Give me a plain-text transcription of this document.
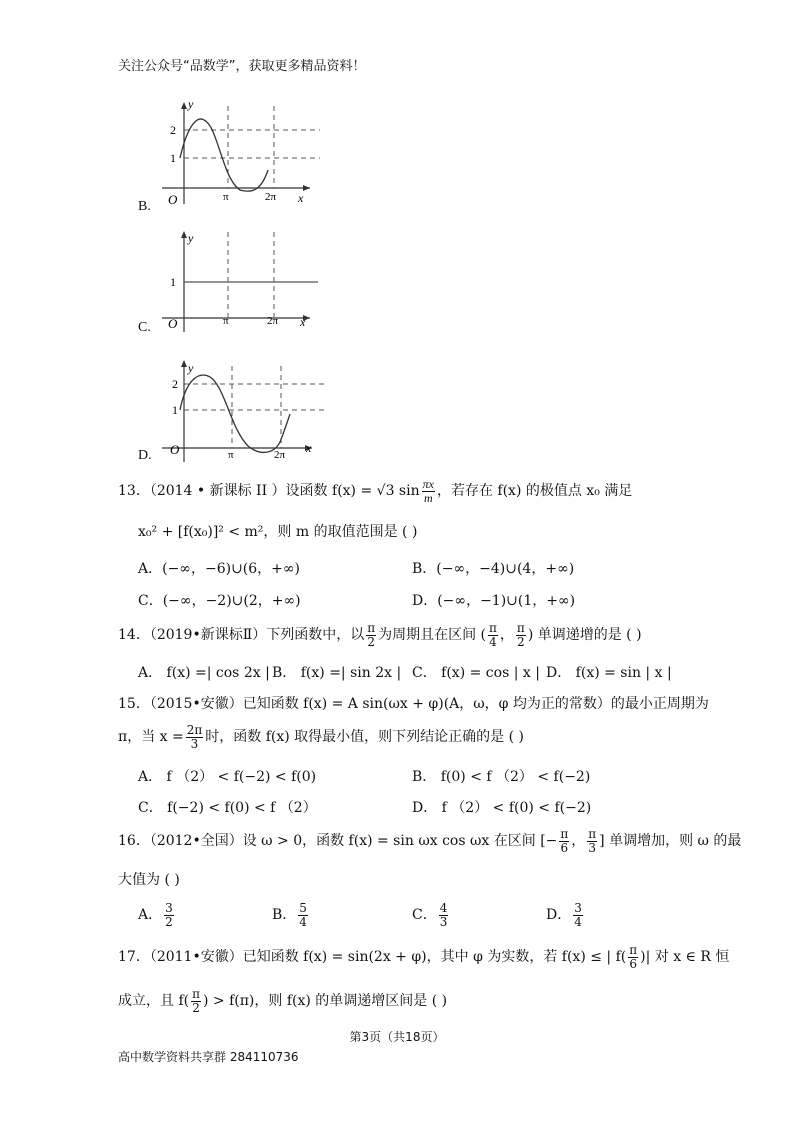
关注公众号“品数学”，获取更多精品资料！
y
2
1
O	π	2π x
B.
y
1
O	π	2π x
C.
y
2
1
O	π	2π x
D.
13．（2014 • 新课标 II ）设函数 f(x) = √3 $\sin \frac{\pi x}{m}$ ，若存在 f(x) 的极值点 x₀ 满足
x₀² + [f(x₀)]² < m²，则 m 的取值范围是 ( )
A．(−∞，−6)∪(6，+∞)	B．(−∞，−4)∪(4，+∞)
C．(−∞，−2)∪(2，+∞)	D．(−∞，−1)∪(1，+∞)
14．（2019•新课标Ⅱ）下列函数中，以 $\frac{\pi}{2}$ 为周期且在区间 ( $\frac{\pi}{4}$ ， $\frac{\pi}{2}$ ) 单调递增的是 ( )
A． f(x) =| cos 2x | B． f(x) =| sin 2x | C． f(x) = cos | x | D． f(x) = sin | x |
15．（2015•安徽）已知函数 f(x) = A sin(ωx + φ)(A，ω，φ 均为正的常数）的最小正周期为
π，当 $x = \frac{2\pi}{3}$ 时，函数 f(x) 取得最小值，则下列结论正确的是 ( )
A． f （2） < f(−2) < f(0)	B． f(0) < f （2） < f(−2)
C． f(−2) < f(0) < f （2）	D． f （2） < f(0) < f(−2)
16．（2012•全国）设 ω > 0，函数 f(x) = sin ωx cos ωx 在区间 [− $\frac{\pi}{6}$ ， $\frac{\pi}{3}$ ] 单调增加，则 ω 的最
大值为 ( )
A． $\frac{3}{2}$	B． $\frac{5}{4}$	C． $\frac{4}{3}$	D． $\frac{3}{4}$
17．（2011•安徽）已知函数 f(x) = sin(2x + φ)，其中 φ 为实数，若 f(x) ≤ | $f( \frac{\pi}{6}$ )| 对 x ∈ R 恒
成立，且 $f( \frac{\pi}{2}$ ) > f(π)，则 f(x) 的单调递增区间是 ( )
第3页（共18页）
高中数学资料共享群 284110736
